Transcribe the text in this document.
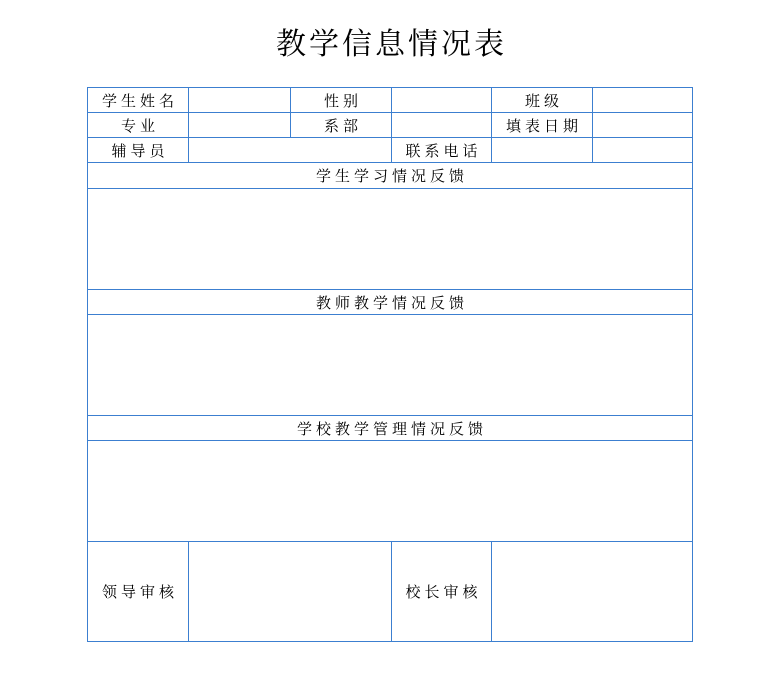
教学信息情况表
学生姓名	性别	班级
专业	系部	填表日期
辅导员	联系电话
学生学习情况反馈
教师教学情况反馈
学校教学管理情况反馈
领导审核	校长审核
